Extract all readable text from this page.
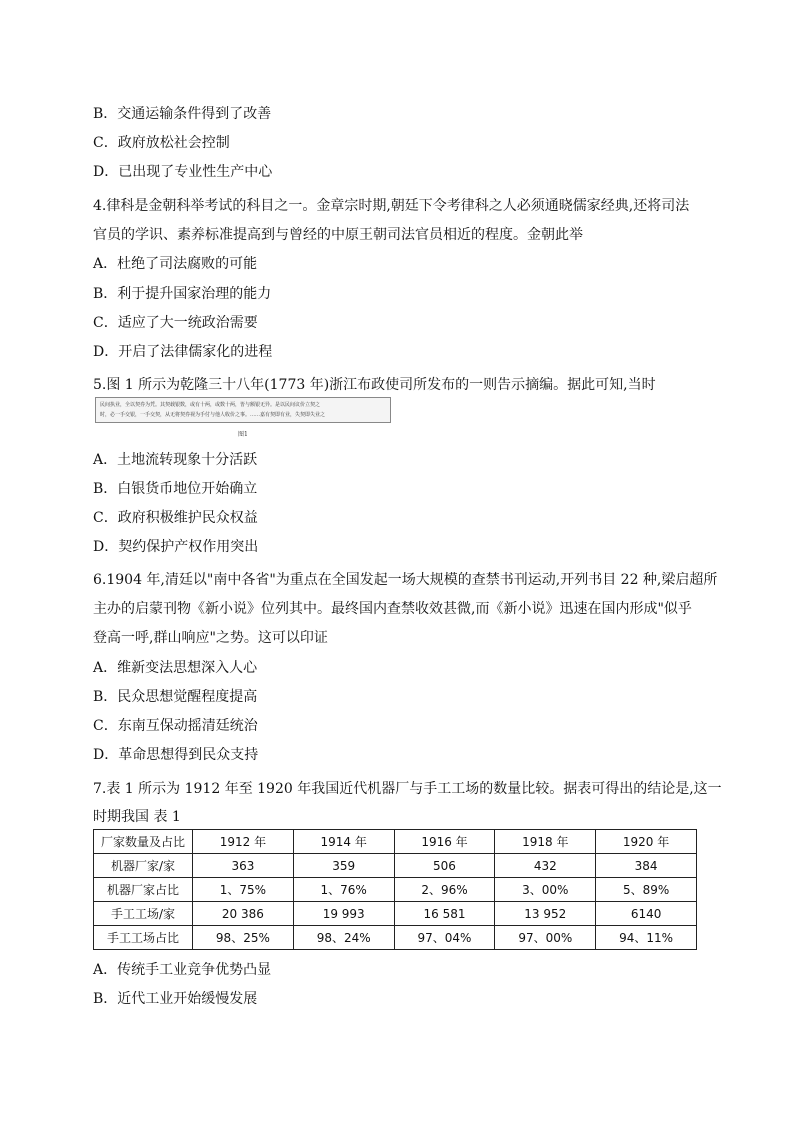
B．交通运输条件得到了改善
C．政府放松社会控制
D．已出现了专业性生产中心
4.律科是金朝科举考试的科目之一。金章宗时期,朝廷下令考律科之人必须通晓儒家经典,还将司法
官员的学识、素养标准提高到与曾经的中原王朝司法官员相近的程度。金朝此举
A．杜绝了司法腐败的可能
B．利于提升国家治理的能力
C．适应了大一统政治需要
D．开启了法律儒家化的进程
5.图 1 所示为乾隆三十八年(1773 年)浙江布政使司所发布的一则告示摘编。据此可知,当时
民间执业，全以契券为凭。其契载银数，或有十两，或数十两，皆与额银无异。是以民间议价立契之
时，必一手交银，一手交契，从无将契券视为手付与他人收价之事。……嘉有契即有业，失契即失业之
图1
A．土地流转现象十分活跃
B．白银货币地位开始确立
C．政府积极维护民众权益
D．契约保护产权作用突出
6.1904 年,清廷以"南中各省"为重点在全国发起一场大规模的查禁书刊运动,开列书目 22 种,梁启超所
主办的启蒙刊物《新小说》位列其中。最终国内查禁收效甚微,而《新小说》迅速在国内形成"似乎
登高一呼,群山响应"之势。这可以印证
A．维新变法思想深入人心
B．民众思想觉醒程度提高
C．东南互保动摇清廷统治
D．革命思想得到民众支持
7.表 1 所示为 1912 年至 1920 年我国近代机器厂与手工工场的数量比较。据表可得出的结论是,这一
时期我国 表 1
厂家数量及占比	1912 年	1914 年	1916 年	1918 年	1920 年
机器厂家/家	363	359	506	432	384
机器厂家占比	1、75%	1、76%	2、96%	3、00%	5、89%
手工工场/家	20 386	19 993	16 581	13 952	6140
手工工场占比	98、25%	98、24%	97、04%	97、00%	94、11%
A．传统手工业竞争优势凸显
B．近代工业开始缓慢发展
